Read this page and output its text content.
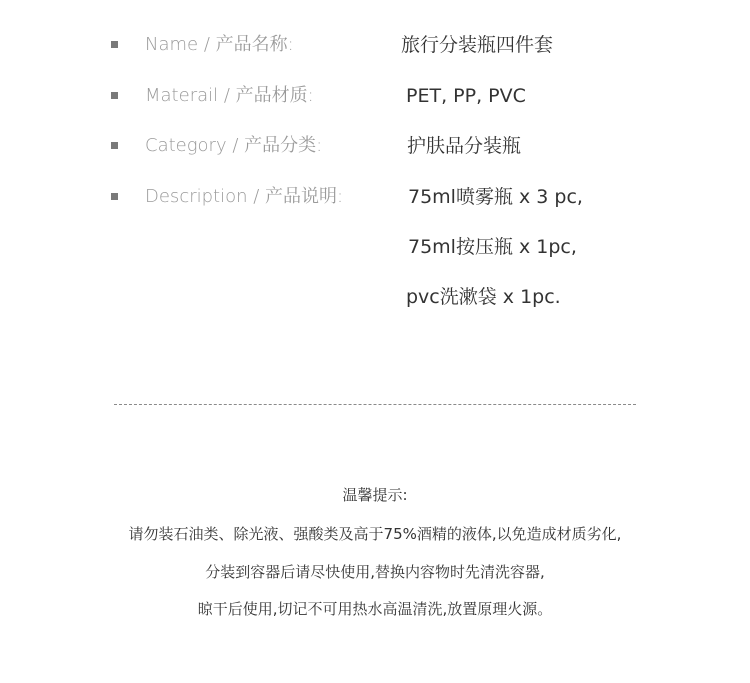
Name / 产品名称:	旅行分装瓶四件套
Materail / 产品材质:	PET, PP, PVC
Category / 产品分类:	护肤品分装瓶
Description / 产品说明:	75ml喷雾瓶 x 3 pc,
75ml按压瓶 x 1pc,
pvc洗漱袋 x 1pc.
温馨提示:
请勿装石油类、除光液、强酸类及高于75%酒精的液体,以免造成材质劣化,
分装到容器后请尽快使用,替换内容物时先清洗容器,
晾干后使用,切记不可用热水高温清洗,放置原理火源。
